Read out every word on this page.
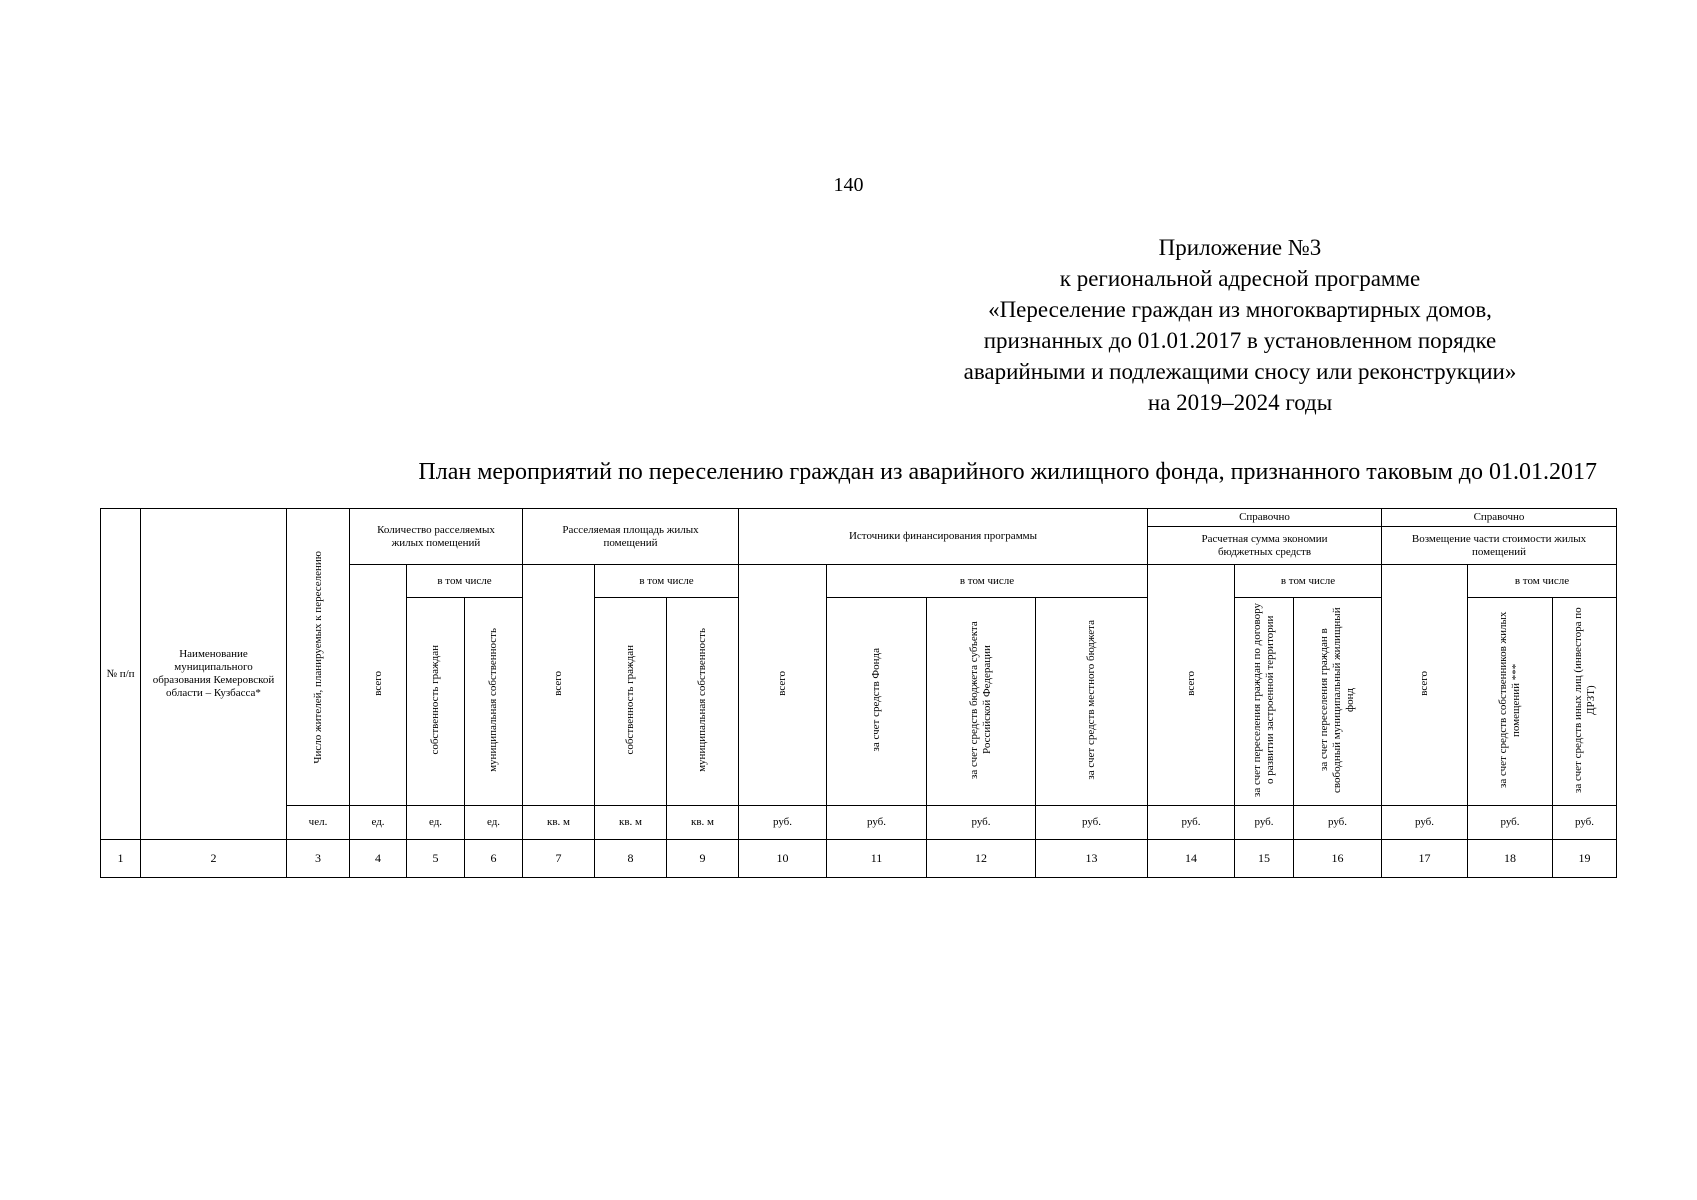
140
Приложение №3
к региональной адресной программе
«Переселение граждан из многоквартирных домов,
признанных до 01.01.2017 в установленном порядке
аварийными и подлежащими сносу или реконструкции»
на 2019–2024 годы
План мероприятий по переселению граждан из аварийного жилищного фонда, признанного таковым до 01.01.2017
№ п/п	Наименование муниципального образования Кемеровской области – Кузбасса*	Число жителей, планируемых к переселению	Количество расселяемых жилых помещений			Расселяемая площадь жилых помещений			Источники финансирования программы				Справочно			Справочно		
													Расчетная сумма экономии бюджетных средств			Возмещение части стоимости жилых помещений		
			всего	в том числе		всего	в том числе		всего	в том числе			всего	в том числе		всего	в том числе	
				собственность граждан	муниципальная собственность		собственность граждан	муниципальная собственность		за счет средств Фонда	за счет средств бюджета субъекта Российской Федерации	за счет средств местного бюджета		за счет переселения граждан по договору о развитии застроенной территории	за счет переселения граждан в свободный муниципальный жилищный фонд		за счет средств собственников жилых помещений ***	за счет средств иных лиц (инвестора по ДРЗТ)
		чел.	ед.	ед.	ед.	кв. м	кв. м	кв. м	руб.	руб.	руб.	руб.	руб.	руб.	руб.	руб.	руб.	руб.
1	2	3	4	5	6	7	8	9	10	11	12	13	14	15	16	17	18	19
